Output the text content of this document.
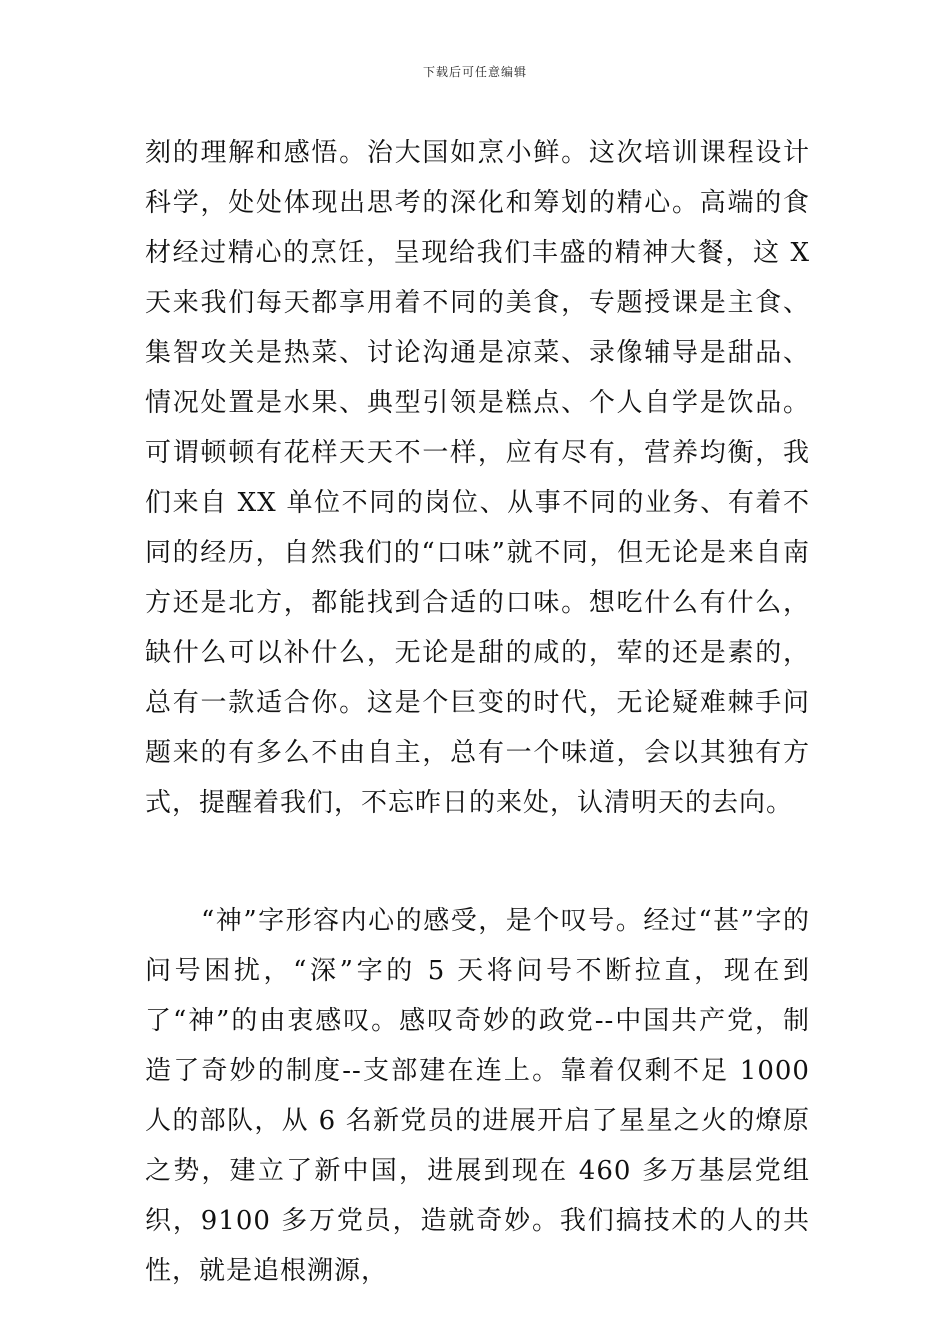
下载后可任意编辑

刻的理解和感悟。治大国如烹小鲜。这次培训课程设计科学，处处体现出思考的深化和筹划的精心。高端的食材经过精心的烹饪，呈现给我们丰盛的精神大餐，这 X 天来我们每天都享用着不同的美食，专题授课是主食、集智攻关是热菜、讨论沟通是凉菜、录像辅导是甜品、情况处置是水果、典型引领是糕点、个人自学是饮品。可谓顿顿有花样天天不一样，应有尽有，营养均衡，我们来自 XX 单位不同的岗位、从事不同的业务、有着不同的经历，自然我们的“口味”就不同，但无论是来自南方还是北方，都能找到合适的口味。想吃什么有什么，缺什么可以补什么，无论是甜的咸的，荤的还是素的，总有一款适合你。这是个巨变的时代，无论疑难棘手问题来的有多么不由自主，总有一个味道，会以其独有方式，提醒着我们，不忘昨日的来处，认清明天的去向。

“神”字形容内心的感受，是个叹号。经过“甚”字的问号困扰，“深”字的 5 天将问号不断拉直，现在到了“神”的由衷感叹。感叹奇妙的政党--中国共产党，制造了奇妙的制度--支部建在连上。靠着仅剩不足 1000 人的部队，从 6 名新党员的进展开启了星星之火的燎原之势，建立了新中国，进展到现在 460 多万基层党组织，9100 多万党员，造就奇妙。我们搞技术的人的共性，就是追根溯源，
